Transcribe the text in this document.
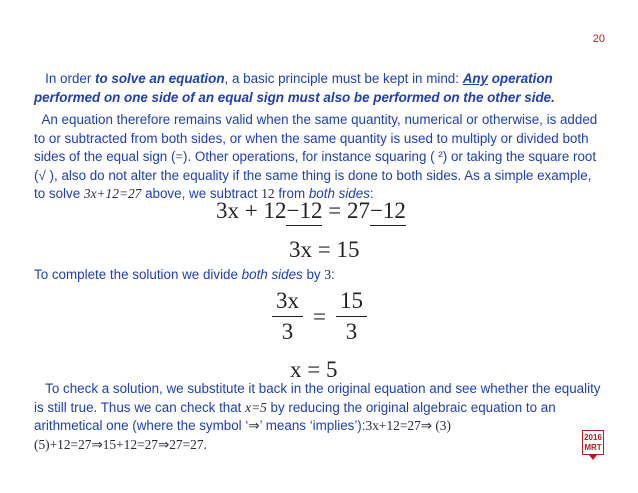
20
In order to solve an equation, a basic principle must be kept in mind: Any operation performed on one side of an equal sign must also be performed on the other side.
An equation therefore remains valid when the same quantity, numerical or otherwise, is added to or subtracted from both sides, or when the same quantity is used to multiply or divided both sides of the equal sign (=). Other operations, for instance squaring ( ²) or taking the square root (√ ), also do not alter the equality if the same thing is done to both sides. As a simple example, to solve 3x+12=27 above, we subtract 12 from both sides:
3x + 12−12 = 27−12
3x = 15
To complete the solution we divide both sides by 3:
$\frac{3x}{3} = \frac{15}{3}$
x = 5
To check a solution, we substitute it back in the original equation and see whether the equality is still true. Thus we can check that x=5 by reducing the original algebraic equation to an arithmetical one (where the symbol ‘⇒’ means ‘implies’):3x+12=27⇒ (3)(5)+12=27⇒15+12=27⇒27=27.	2016
MRT
